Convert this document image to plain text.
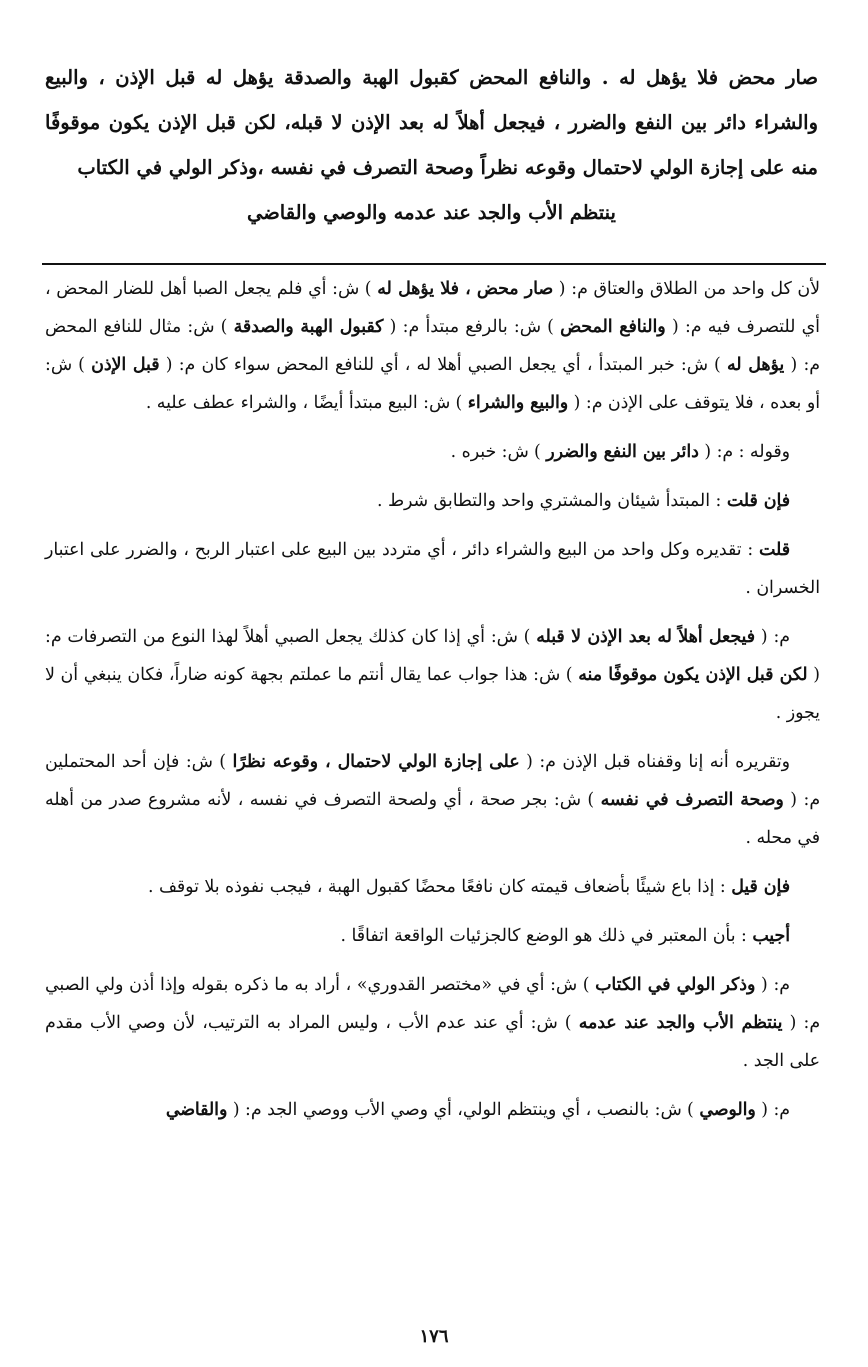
صار محض فلا يؤهل له . والنافع المحض كقبول الهبة والصدقة يؤهل له قبل الإذن ، والبيع والشراء دائر بين النفع والضرر ، فيجعل أهلاً له بعد الإذن لا قبله، لكن قبل الإذن يكون موقوفًا منه على إجازة الولي لاحتمال وقوعه نظراً وصحة التصرف في نفسه ،وذكر الولي في الكتاب
ينتظم الأب والجد عند عدمه والوصي والقاضي

لأن كل واحد من الطلاق والعتاق م: ( صار محض ، فلا يؤهل له ) ش: أي فلم يجعل الصبا أهل للضار المحض ، أي للتصرف فيه م: ( والنافع المحض ) ش: بالرفع مبتدأ م: ( كقبول الهبة والصدقة ) ش: مثال للنافع المحض م: ( يؤهل له ) ش: خبر المبتدأ ، أي يجعل الصبي أهلا له ، أي للنافع المحض سواء كان م: ( قبل الإذن ) ش: أو بعده ، فلا يتوقف على الإذن م: ( والبيع والشراء ) ش: البيع مبتدأ أيضًا ، والشراء عطف عليه .

وقوله : م: ( دائر بين النفع والضرر ) ش: خبره .

فإن قلت : المبتدأ شيئان والمشتري واحد والتطابق شرط .

قلت : تقديره وكل واحد من البيع والشراء دائر ، أي متردد بين البيع على اعتبار الربح ، والضرر على اعتبار الخسران .

م: ( فيجعل أهلاً له بعد الإذن لا قبله ) ش: أي إذا كان كذلك يجعل الصبي أهلاً لهذا النوع من التصرفات م: ( لكن قبل الإذن يكون موقوفًا منه ) ش: هذا جواب عما يقال أنتم ما عملتم بجهة كونه ضاراً، فكان ينبغي أن لا يجوز .

وتقريره أنه إنا وقفناه قبل الإذن م: ( على إجازة الولي لاحتمال ، وقوعه نظرًا ) ش: فإن أحد المحتملين م: ( وصحة التصرف في نفسه ) ش: بجر صحة ، أي ولصحة التصرف في نفسه ، لأنه مشروع صدر من أهله في محله .

فإن قيل : إذا باع شيئًا بأضعاف قيمته كان نافعًا محضًا كقبول الهبة ، فيجب نفوذه بلا توقف .

أجيب : بأن المعتبر في ذلك هو الوضع كالجزئيات الواقعة اتفاقًا .

م: ( وذكر الولي في الكتاب ) ش: أي في «مختصر القدوري» ، أراد به ما ذكره بقوله وإذا أذن ولي الصبي م: ( ينتظم الأب والجد عند عدمه ) ش: أي عند عدم الأب ، وليس المراد به الترتيب، لأن وصي الأب مقدم على الجد .

م: ( والوصي ) ش: بالنصب ، أي وينتظم الولي، أي وصي الأب ووصي الجد م: ( والقاضي

١٧٦
